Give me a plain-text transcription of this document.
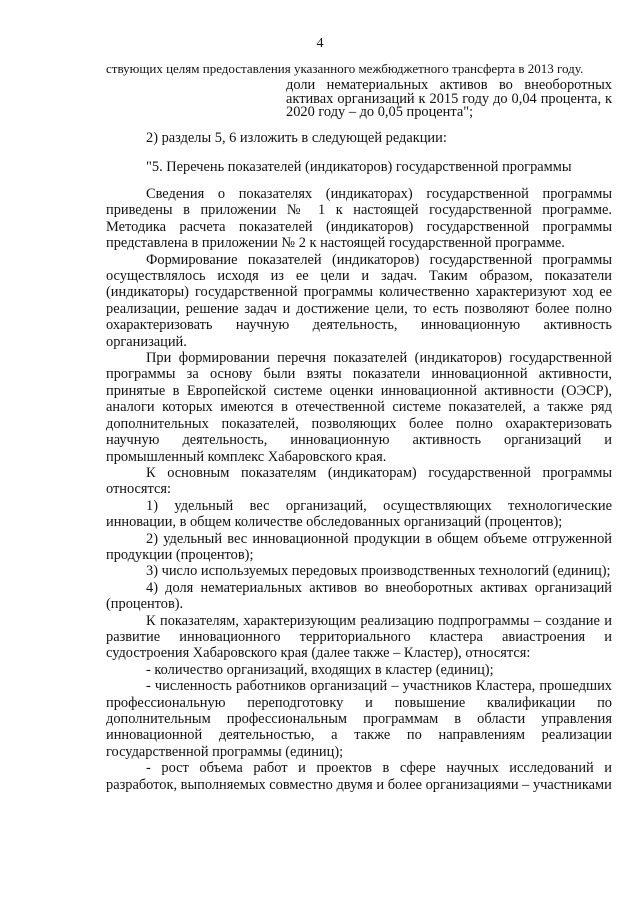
4

ствующих целям предоставления указанного межбюджетного трансферта в 2013 году.

доли нематериальных активов во внеоборотных активах организаций к 2015 году до 0,04 процента, к 2020 году – до 0,05 процента";

2) разделы 5, 6 изложить в следующей редакции:

"5. Перечень показателей (индикаторов) государственной программы

Сведения о показателях (индикаторах) государственной программы приведены в приложении № 1 к настоящей государственной программе. Методика расчета показателей (индикаторов) государственной программы представлена в приложении № 2 к настоящей государственной программе.

Формирование показателей (индикаторов) государственной программы осуществлялось исходя из ее цели и задач. Таким образом, показатели (индикаторы) государственной программы количественно характеризуют ход ее реализации, решение задач и достижение цели, то есть позволяют более полно охарактеризовать научную деятельность, инновационную активность организаций.

При формировании перечня показателей (индикаторов) государственной программы за основу были взяты показатели инновационной активности, принятые в Европейской системе оценки инновационной активности (ОЭСР), аналоги которых имеются в отечественной системе показателей, а также ряд дополнительных показателей, позволяющих более полно охарактеризовать научную деятельность, инновационную активность организаций и промышленный комплекс Хабаровского края.

К основным показателям (индикаторам) государственной программы относятся:

1) удельный вес организаций, осуществляющих технологические инновации, в общем количестве обследованных организаций (процентов);

2) удельный вес инновационной продукции в общем объеме отгруженной продукции (процентов);

3) число используемых передовых производственных технологий (единиц);

4) доля нематериальных активов во внеоборотных активах организаций (процентов).

К показателям, характеризующим реализацию подпрограммы – создание и развитие инновационного территориального кластера авиастроения и судостроения Хабаровского края (далее также – Кластер), относятся:

- количество организаций, входящих в кластер (единиц);

- численность работников организаций – участников Кластера, прошедших профессиональную переподготовку и повышение квалификации по дополнительным профессиональным программам в области управления инновационной деятельностью, а также по направлениям реализации государственной программы (единиц);

- рост объема работ и проектов в сфере научных исследований и разработок, выполняемых совместно двумя и более организациями – участниками
